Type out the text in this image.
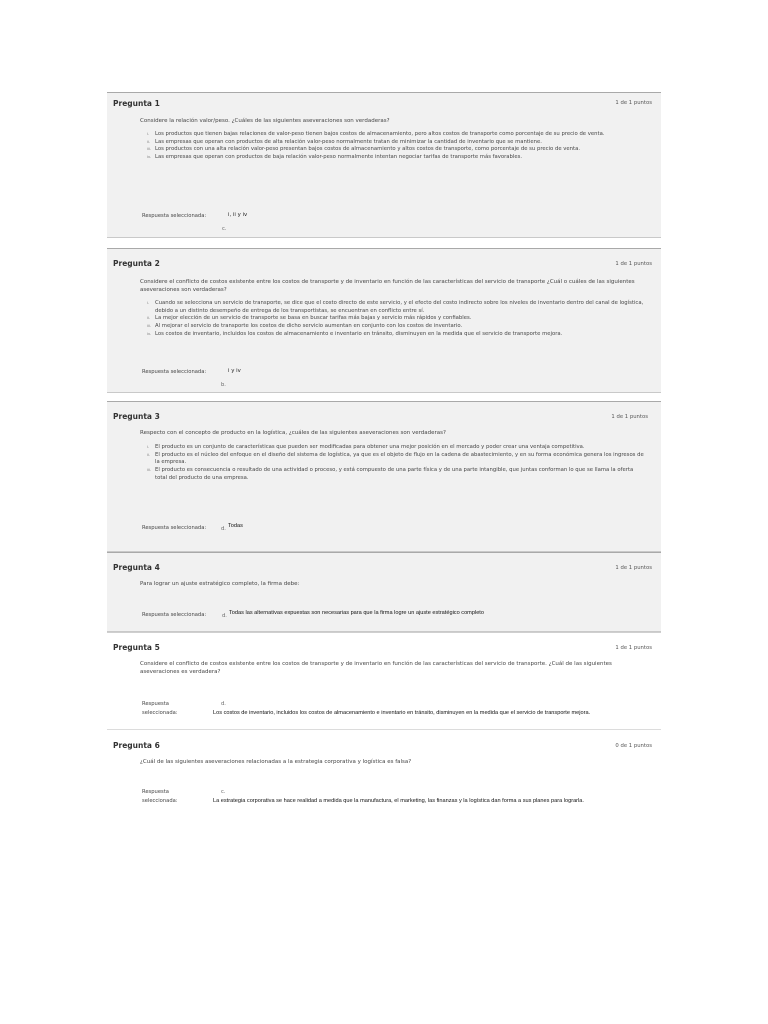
Pregunta 1	1 de 1 puntos
Considere la relación valor/peso. ¿Cuáles de las siguientes aseveraciones son verdaderas?
i. Los productos que tienen bajas relaciones de valor-peso tienen bajos costos de almacenamiento, pero altos costos de transporte como porcentaje de su precio de venta.
ii. Las empresas que operan con productos de alta relación valor-peso normalmente tratan de minimizar la cantidad de inventario que se mantiene.
iii. Los productos con una alta relación valor-peso presentan bajos costos de almacenamiento y altos costos de transporte, como porcentaje de su precio de venta.
iv. Las empresas que operan con productos de baja relación valor-peso normalmente intentan negociar tarifas de transporte más favorables.
Respuesta seleccionada:	i, ii y iv
c.
Pregunta 2	1 de 1 puntos
Considere el conflicto de costos existente entre los costos de transporte y de inventario en función de las características del servicio de transporte ¿Cuál o cuáles de las siguientes aseveraciones son verdaderas?
i. Cuando se selecciona un servicio de transporte, se dice que el costo directo de este servicio, y el efecto del costo indirecto sobre los niveles de inventario dentro del canal de logística, debido a un distinto desempeño de entrega de los transportistas, se encuentran en conflicto entre sí.
ii. La mejor elección de un servicio de transporte se basa en buscar tarifas más bajas y servicio más rápidos y confiables.
iii. Al mejorar el servicio de transporte los costos de dicho servicio aumentan en conjunto con los costos de inventario.
iv. Los costos de inventario, incluidos los costos de almacenamiento e inventario en tránsito, disminuyen en la medida que el servicio de transporte mejora.
Respuesta seleccionada:	i y iv
b.
Pregunta 3	1 de 1 puntos
Respecto con el concepto de producto en la logística, ¿cuáles de las siguientes aseveraciones son verdaderas?
i. El producto es un conjunto de características que pueden ser modificadas para obtener una mejor posición en el mercado y poder crear una ventaja competitiva.
ii. El producto es el núcleo del enfoque en el diseño del sistema de logística, ya que es el objeto de flujo en la cadena de abastecimiento, y en su forma económica genera los ingresos de la empresa.
iii. El producto es consecuencia o resultado de una actividad o proceso, y está compuesto de una parte física y de una parte intangible, que juntas conforman lo que se llama la oferta total del producto de una empresa.
Respuesta seleccionada:	d. Todas
Pregunta 4	1 de 1 puntos
Para lograr un ajuste estratégico completo, la firma debe:
Respuesta seleccionada:	d. Todas las alternativas expuestas son necesarias para que la firma logre un ajuste estratégico completo
Pregunta 5	1 de 1 puntos
Considere el conflicto de costos existente entre los costos de transporte y de inventario en función de las características del servicio de transporte. ¿Cuál de las siguientes aseveraciones es verdadera?
Respuesta
seleccionada:
d.
Los costos de inventario, incluidos los costos de almacenamiento e inventario en tránsito, disminuyen en la medida que el servicio de transporte mejora.
Pregunta 6	0 de 1 puntos
¿Cuál de las siguientes aseveraciones relacionadas a la estrategia corporativa y logística es falsa?
Respuesta
seleccionada:
c.
La estrategia corporativa se hace realidad a medida que la manufactura, el marketing, las finanzas y la logística dan forma a sus planes para lograrla.
